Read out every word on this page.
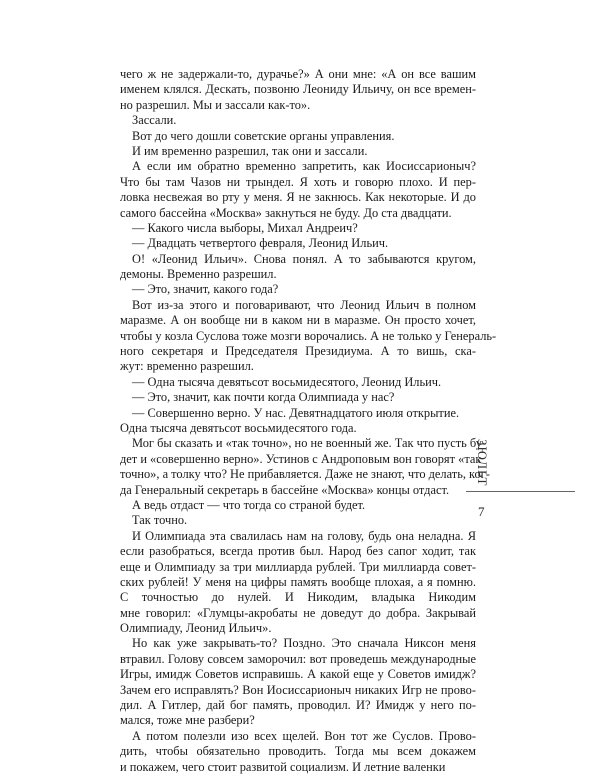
чего ж не задержали-то, дурачье?» А они мне: «А он все вашим
именем клялся. Дескать, позвоню Леониду Ильичу, он все времен-
но разрешил. Мы и зассали как-то».
Зассали.
Вот до чего дошли советские органы управления.
И им временно разрешил, так они и зассали.
А если им обратно временно запретить, как Иосиссарионыч?
Что бы там Чазов ни трындел. Я хоть и говорю плохо. И пер-
ловка несвежая во рту у меня. Я не закнюсь. Как некоторые. И до
самого бассейна «Москва» закнуться не буду. До ста двадцати.
— Какого числа выборы, Михал Андреич?
— Двадцать четвертого февраля, Леонид Ильич.
О! «Леонид Ильич». Снова понял. А то забываются кругом,
демоны. Временно разрешил.
— Это, значит, какого года?
Вот из-за этого и поговаривают, что Леонид Ильич в полном
маразме. А он вообще ни в каком ни в маразме. Он просто хочет,
чтобы у козла Суслова тоже мозги ворочались. А не только у Генераль-
ного секретаря и Председателя Президиума. А то вишь, ска-
жут: временно разрешил.
— Одна тысяча девятьсот восьмидесятого, Леонид Ильич.
— Это, значит, как почти когда Олимпиада у нас?
— Совершенно верно. У нас. Девятнадцатого июля открытие.
Одна тысяча девятьсот восьмидесятого года.
Мог бы сказать и «так точно», но не военный же. Так что пусть бу-
дет и «совершенно верно». Устинов с Андроповым вон говорят «так
точно», а толку что? Не прибавляется. Даже не знают, что делать, ког-
да Генеральный секретарь в бассейне «Москва» концы отдаст.
А ведь отдаст — что тогда со страной будет.
Так точно.
И Олимпиада эта свалилась нам на голову, будь она неладна. Я
если разобраться, всегда против был. Народ без сапог ходит, так
еще и Олимпиаду за три миллиарда рублей. Три миллиарда совет-
ских рублей! У меня на цифры память вообще плохая, а я помню.
С точностью до нулей. И Никодим, владыка Никодим
мне говорил: «Глумцы-акробаты не доведут до добра. Закрывай
Олимпиаду, Леонид Ильич».
Но как уже закрывать-то? Поздно. Это сначала Никсон меня
втравил. Голову совсем заморочил: вот проведешь международные
Игры, имидж Советов исправишь. А какой еще у Советов имидж?
Зачем его исправлять? Вон Иосиссарионыч никаких Игр не прово-
дил. А Гитлер, дай бог память, проводил. И? Имидж у него по-
мался, тоже мне разбери?
А потом полезли изо всех щелей. Вон тот же Суслов. Прово-
дить, чтобы обязательно проводить. Тогда мы всем докажем
и покажем, чего стоит развитой социализм. И летние валенки
ЗЮЛЬТ
7
